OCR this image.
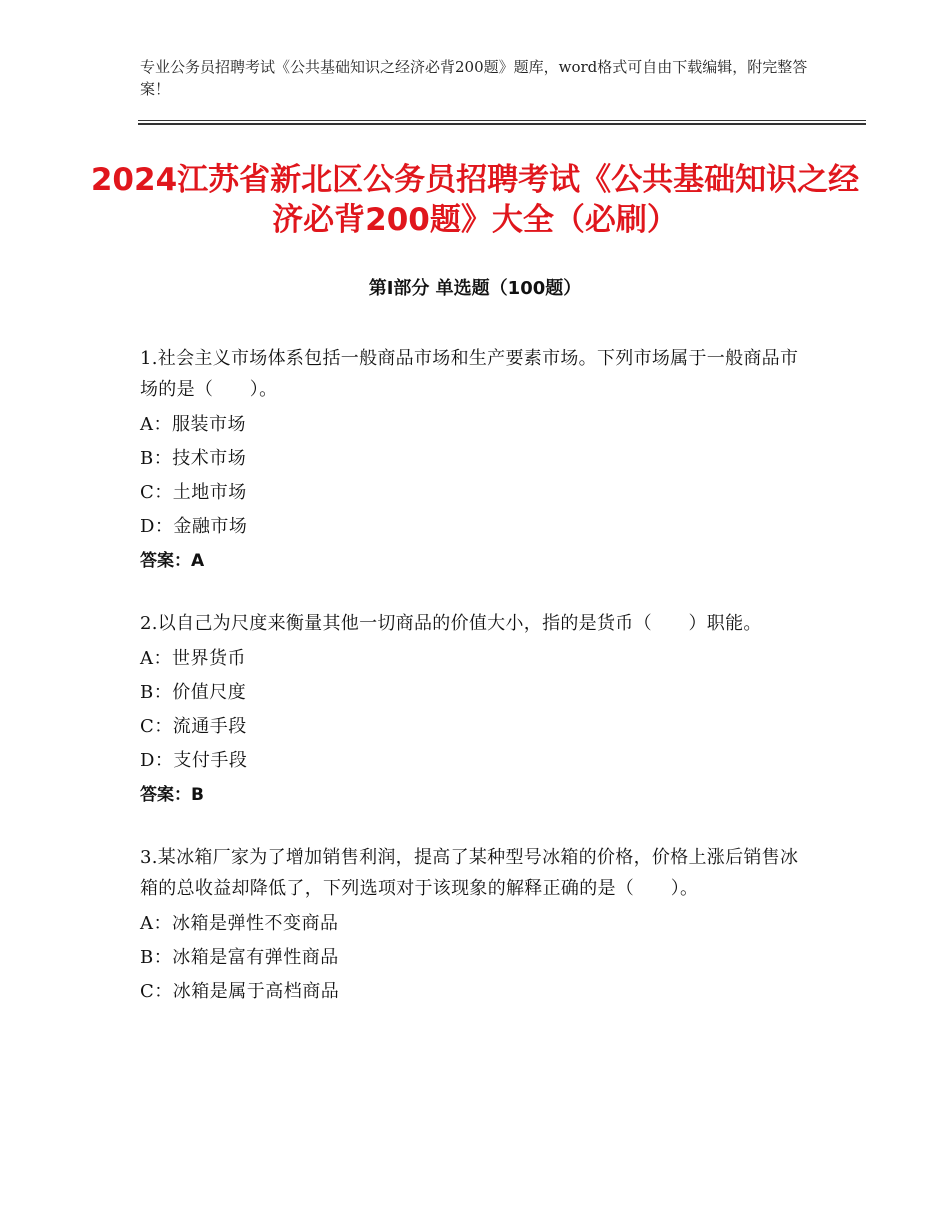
专业公务员招聘考试《公共基础知识之经济必背200题》题库，word格式可自由下载编辑，附完整答案！
2024江苏省新北区公务员招聘考试《公共基础知识之经济必背200题》大全（必刷）
第Ⅰ部分 单选题（100题）
1.社会主义市场体系包括一般商品市场和生产要素市场。下列市场属于一般商品市场的是（　　）。
A：服装市场
B：技术市场
C：土地市场
D：金融市场
答案：A
2.以自己为尺度来衡量其他一切商品的价值大小，指的是货币（　　）职能。
A：世界货币
B：价值尺度
C：流通手段
D：支付手段
答案：B
3.某冰箱厂家为了增加销售利润，提高了某种型号冰箱的价格，价格上涨后销售冰箱的总收益却降低了，下列选项对于该现象的解释正确的是（　　）。
A：冰箱是弹性不变商品
B：冰箱是富有弹性商品
C：冰箱是属于高档商品
